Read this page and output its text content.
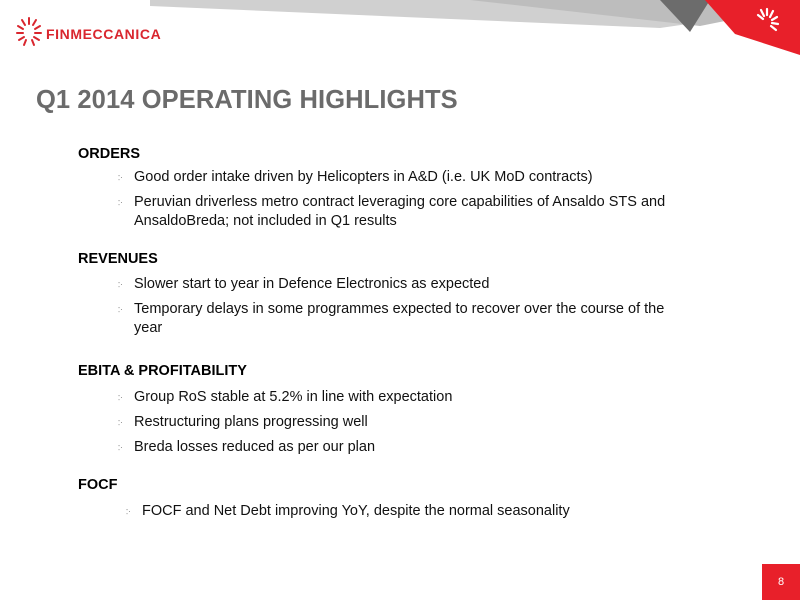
FINMECCANICA
Q1 2014 OPERATING HIGHLIGHTS
ORDERS
჻ Good order intake driven by Helicopters in A&D (i.e. UK MoD contracts)
჻ Peruvian driverless metro contract leveraging core capabilities of Ansaldo STS and AnsaldoBreda; not included in Q1 results
REVENUES
჻ Slower start to year in Defence Electronics as expected
჻ Temporary delays in some programmes expected to recover over the course of the year
EBITA & PROFITABILITY
჻ Group RoS stable at 5.2% in line with expectation
჻ Restructuring plans progressing well
჻ Breda losses reduced as per our plan
FOCF
჻ FOCF and Net Debt improving YoY, despite the normal seasonality
8
